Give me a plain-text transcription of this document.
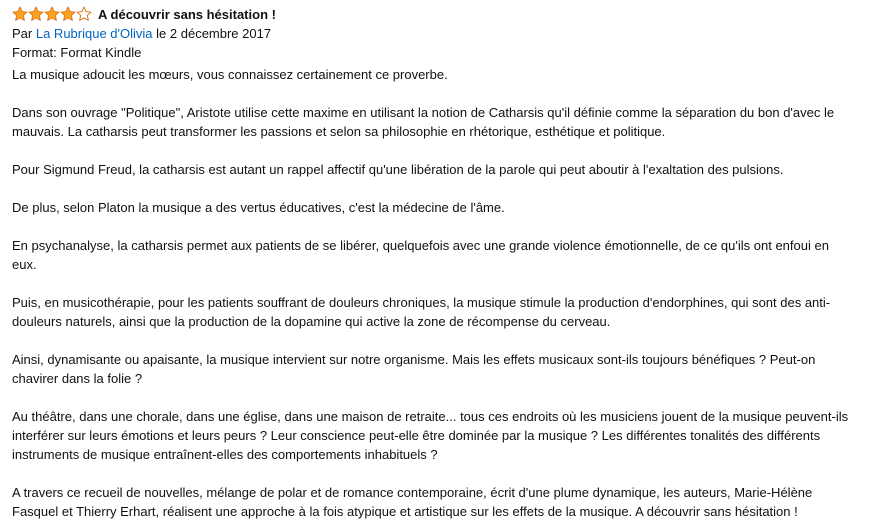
A découvrir sans hésitation !
Par La Rubrique d'Olivia le 2 décembre 2017
Format: Format Kindle

La musique adoucit les mœurs, vous connaissez certainement ce proverbe.

Dans son ouvrage "Politique", Aristote utilise cette maxime en utilisant la notion de Catharsis qu'il définie comme la séparation du bon d'avec le mauvais. La catharsis peut transformer les passions et selon sa philosophie en rhétorique, esthétique et politique.

Pour Sigmund Freud, la catharsis est autant un rappel affectif qu'une libération de la parole qui peut aboutir à l'exaltation des pulsions.

De plus, selon Platon la musique a des vertus éducatives, c'est la médecine de l'âme.

En psychanalyse, la catharsis permet aux patients de se libérer, quelquefois avec une grande violence émotionnelle, de ce qu'ils ont enfoui en eux.

Puis, en musicothérapie, pour les patients souffrant de douleurs chroniques, la musique stimule la production d'endorphines, qui sont des anti-douleurs naturels, ainsi que la production de la dopamine qui active la zone de récompense du cerveau.

Ainsi, dynamisante ou apaisante, la musique intervient sur notre organisme. Mais les effets musicaux sont-ils toujours bénéfiques ? Peut-on chavirer dans la folie ?

Au théâtre, dans une chorale, dans une église, dans une maison de retraite... tous ces endroits où les musiciens jouent de la musique peuvent-ils interférer sur leurs émotions et leurs peurs ? Leur conscience peut-elle être dominée par la musique ? Les différentes tonalités des différents instruments de musique entraînent-elles des comportements inhabituels ?

A travers ce recueil de nouvelles, mélange de polar et de romance contemporaine, écrit d'une plume dynamique, les auteurs, Marie-Hélène Fasquel et Thierry Erhart, réalisent une approche à la fois atypique et artistique sur les effets de la musique. A découvrir sans hésitation !
